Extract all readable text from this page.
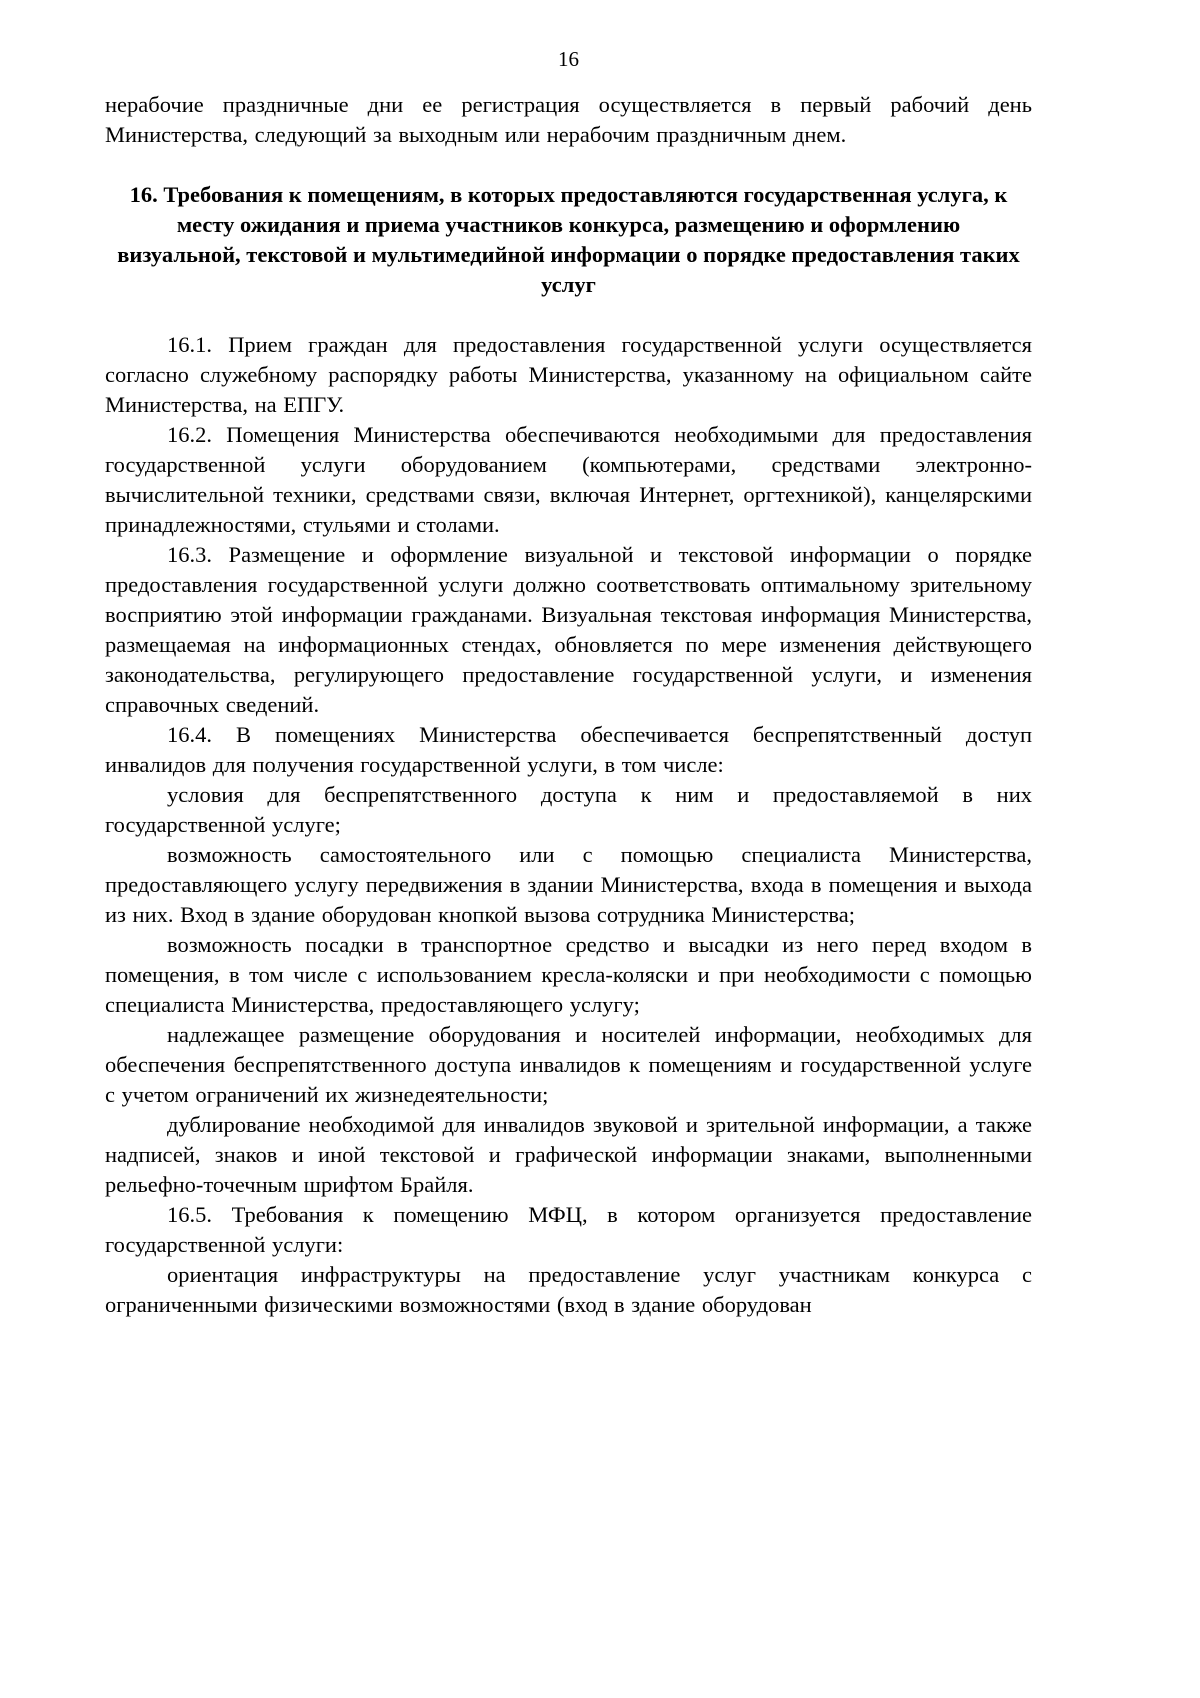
16

нерабочие праздничные дни ее регистрация осуществляется в первый рабочий день Министерства, следующий за выходным или нерабочим праздничным днем.

16. Требования к помещениям, в которых предоставляются государственная услуга, к месту ожидания и приема участников конкурса, размещению и оформлению визуальной, текстовой и мультимедийной информации о порядке предоставления таких услуг

16.1. Прием граждан для предоставления государственной услуги осуществляется согласно служебному распорядку работы Министерства, указанному на официальном сайте Министерства, на ЕПГУ.

16.2. Помещения Министерства обеспечиваются необходимыми для предоставления государственной услуги оборудованием (компьютерами, средствами электронно-вычислительной техники, средствами связи, включая Интернет, оргтехникой), канцелярскими принадлежностями, стульями и столами.

16.3. Размещение и оформление визуальной и текстовой информации о порядке предоставления государственной услуги должно соответствовать оптимальному зрительному восприятию этой информации гражданами. Визуальная текстовая информация Министерства, размещаемая на информационных стендах, обновляется по мере изменения действующего законодательства, регулирующего предоставление государственной услуги, и изменения справочных сведений.

16.4. В помещениях Министерства обеспечивается беспрепятственный доступ инвалидов для получения государственной услуги, в том числе:

условия для беспрепятственного доступа к ним и предоставляемой в них государственной услуге;

возможность самостоятельного или с помощью специалиста Министерства, предоставляющего услугу передвижения в здании Министерства, входа в помещения и выхода из них. Вход в здание оборудован кнопкой вызова сотрудника Министерства;

возможность посадки в транспортное средство и высадки из него перед входом в помещения, в том числе с использованием кресла-коляски и при необходимости с помощью специалиста Министерства, предоставляющего услугу;

надлежащее размещение оборудования и носителей информации, необходимых для обеспечения беспрепятственного доступа инвалидов к помещениям и государственной услуге с учетом ограничений их жизнедеятельности;

дублирование необходимой для инвалидов звуковой и зрительной информации, а также надписей, знаков и иной текстовой и графической информации знаками, выполненными рельефно-точечным шрифтом Брайля.

16.5. Требования к помещению МФЦ, в котором организуется предоставление государственной услуги:

ориентация инфраструктуры на предоставление услуг участникам конкурса с ограниченными физическими возможностями (вход в здание оборудован
